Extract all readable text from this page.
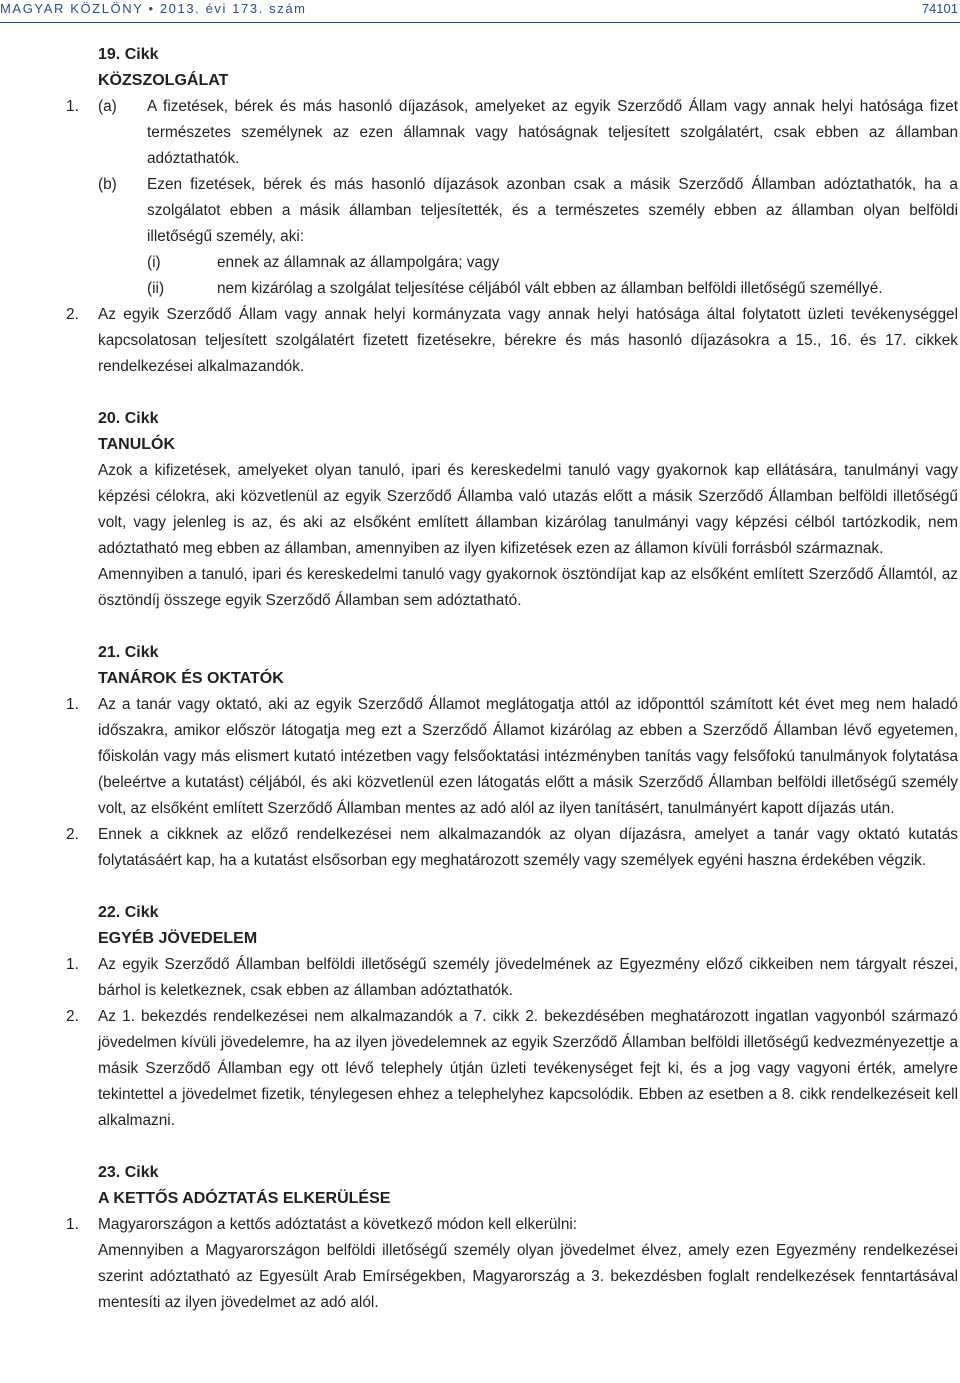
MAGYAR KÖZLÖNY • 2013. évi 173. szám	74101
19. Cikk
KÖZSZOLGÁLAT
1. (a) A fizetések, bérek és más hasonló díjazások, amelyeket az egyik Szerződő Állam vagy annak helyi hatósága fizet természetes személynek az ezen államnak vagy hatóságnak teljesített szolgálatért, csak ebben az államban adóztathatók.
(b) Ezen fizetések, bérek és más hasonló díjazások azonban csak a másik Szerződő Államban adóztathatók, ha a szolgálatot ebben a másik államban teljesítették, és a természetes személy ebben az államban olyan belföldi illetőségű személy, aki:
(i)	ennek az államnak az állampolgára; vagy
(ii)	nem kizárólag a szolgálat teljesítése céljából vált ebben az államban belföldi illetőségű személlyé.
2. Az egyik Szerződő Állam vagy annak helyi kormányzata vagy annak helyi hatósága által folytatott üzleti tevékenységgel kapcsolatosan teljesített szolgálatért fizetett fizetésekre, bérekre és más hasonló díjazásokra a 15., 16. és 17. cikkek rendelkezései alkalmazandók.
20. Cikk
TANULÓK
Azok a kifizetések, amelyeket olyan tanuló, ipari és kereskedelmi tanuló vagy gyakornok kap ellátására, tanulmányi vagy képzési célokra, aki közvetlenül az egyik Szerződő Államba való utazás előtt a másik Szerződő Államban belföldi illetőségű volt, vagy jelenleg is az, és aki az elsőként említett államban kizárólag tanulmányi vagy képzési célból tartózkodik, nem adóztatható meg ebben az államban, amennyiben az ilyen kifizetések ezen az államon kívüli forrásból származnak.
Amennyiben a tanuló, ipari és kereskedelmi tanuló vagy gyakornok ösztöndíjat kap az elsőként említett Szerződő Államtól, az ösztöndíj összege egyik Szerződő Államban sem adóztatható.
21. Cikk
TANÁROK ÉS OKTATÓK
1. Az a tanár vagy oktató, aki az egyik Szerződő Államot meglátogatja attól az időponttól számított két évet meg nem haladó időszakra, amikor először látogatja meg ezt a Szerződő Államot kizárólag az ebben a Szerződő Államban lévő egyetemen, főiskolán vagy más elismert kutató intézetben vagy felsőoktatási intézményben tanítás vagy felsőfokú tanulmányok folytatása (beleértve a kutatást) céljából, és aki közvetlenül ezen látogatás előtt a másik Szerződő Államban belföldi illetőségű személy volt, az elsőként említett Szerződő Államban mentes az adó alól az ilyen tanításért, tanulmányért kapott díjazás után.
2. Ennek a cikknek az előző rendelkezései nem alkalmazandók az olyan díjazásra, amelyet a tanár vagy oktató kutatás folytatásáért kap, ha a kutatást elsősorban egy meghatározott személy vagy személyek egyéni haszna érdekében végzik.
22. Cikk
EGYÉB JÖVEDELEM
1. Az egyik Szerződő Államban belföldi illetőségű személy jövedelmének az Egyezmény előző cikkeiben nem tárgyalt részei, bárhol is keletkeznek, csak ebben az államban adóztathatók.
2. Az 1. bekezdés rendelkezései nem alkalmazandók a 7. cikk 2. bekezdésében meghatározott ingatlan vagyonból származó jövedelmen kívüli jövedelemre, ha az ilyen jövedelemnek az egyik Szerződő Államban belföldi illetőségű kedvezményezettje a másik Szerződő Államban egy ott lévő telephely útján üzleti tevékenységet fejt ki, és a jog vagy vagyoni érték, amelyre tekintettel a jövedelmet fizetik, ténylegesen ehhez a telephelyhez kapcsolódik. Ebben az esetben a 8. cikk rendelkezéseit kell alkalmazni.
23. Cikk
A KETTŐS ADÓZTATÁS ELKERÜLÉSE
1. Magyarországon a kettős adóztatást a következő módon kell elkerülni:
Amennyiben a Magyarországon belföldi illetőségű személy olyan jövedelmet élvez, amely ezen Egyezmény rendelkezései szerint adóztatható az Egyesült Arab Emírségekben, Magyarország a 3. bekezdésben foglalt rendelkezések fenntartásával mentesíti az ilyen jövedelmet az adó alól.
